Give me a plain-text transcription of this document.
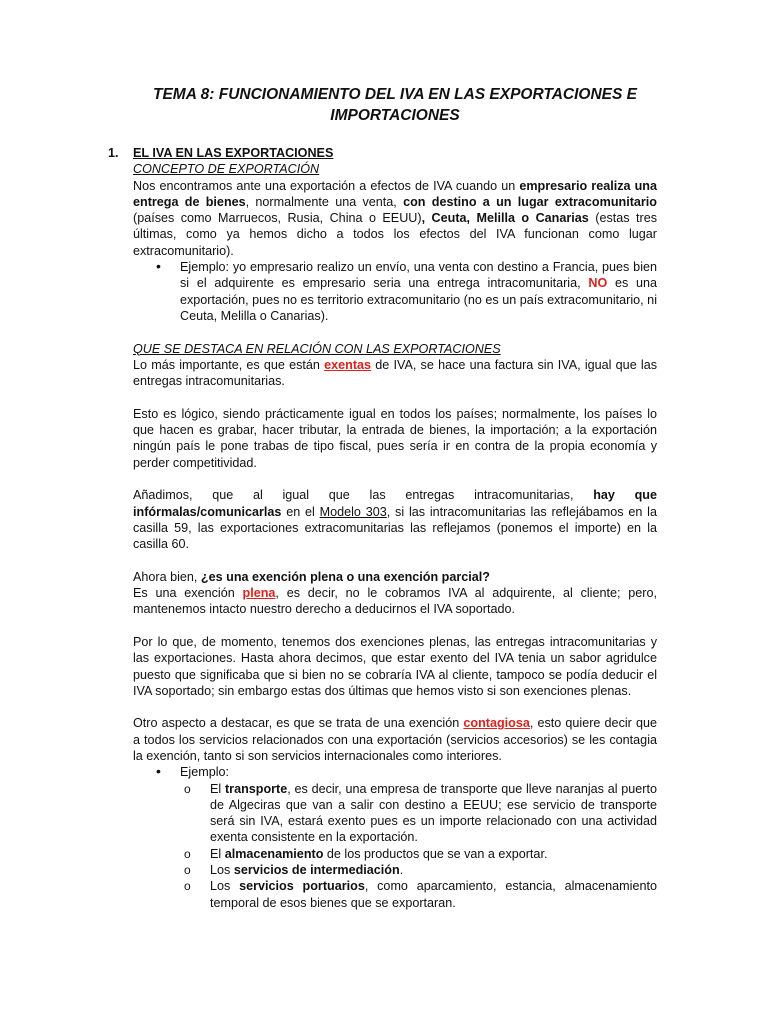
TEMA 8: FUNCIONAMIENTO DEL IVA EN LAS EXPORTACIONES E IMPORTACIONES
1. EL IVA EN LAS EXPORTACIONES
CONCEPTO DE EXPORTACIÓN

Nos encontramos ante una exportación a efectos de IVA cuando un empresario realiza una entrega de bienes, normalmente una venta, con destino a un lugar extracomunitario (países como Marruecos, Rusia, China o EEUU), Ceuta, Melilla o Canarias (estas tres últimas, como ya hemos dicho a todos los efectos del IVA funcionan como lugar extracomunitario).

• Ejemplo: yo empresario realizo un envío, una venta con destino a Francia, pues bien si el adquirente es empresario seria una entrega intracomunitaria, NO es una exportación, pues no es territorio extracomunitario (no es un país extracomunitario, ni Ceuta, Melilla o Canarias).
QUE SE DESTACA EN RELACIÓN CON LAS EXPORTACIONES

Lo más importante, es que están exentas de IVA, se hace una factura sin IVA, igual que las entregas intracomunitarias.

Esto es lógico, siendo prácticamente igual en todos los países; normalmente, los países lo que hacen es grabar, hacer tributar, la entrada de bienes, la importación; a la exportación ningún país le pone trabas de tipo fiscal, pues sería ir en contra de la propia economía y perder competitividad.

Añadimos, que al igual que las entregas intracomunitarias, hay que infórmalas/comunicarlas en el Modelo 303, si las intracomunitarias las reflejábamos en la casilla 59, las exportaciones extracomunitarias las reflejamos (ponemos el importe) en la casilla 60.

Ahora bien, ¿es una exención plena o una exención parcial?

Es una exención plena, es decir, no le cobramos IVA al adquirente, al cliente; pero, mantenemos intacto nuestro derecho a deducirnos el IVA soportado.

Por lo que, de momento, tenemos dos exenciones plenas, las entregas intracomunitarias y las exportaciones. Hasta ahora decimos, que estar exento del IVA tenia un sabor agridulce puesto que significaba que si bien no se cobraría IVA al cliente, tampoco se podía deducir el IVA soportado; sin embargo estas dos últimas que hemos visto si son exenciones plenas.

Otro aspecto a destacar, es que se trata de una exención contagiosa, esto quiere decir que a todos los servicios relacionados con una exportación (servicios accesorios) se les contagia la exención, tanto si son servicios internacionales como interiores.

• Ejemplo:
o El transporte, es decir, una empresa de transporte que lleve naranjas al puerto de Algeciras que van a salir con destino a EEUU; ese servicio de transporte será sin IVA, estará exento pues es un importe relacionado con una actividad exenta consistente en la exportación.
o El almacenamiento de los productos que se van a exportar.
o Los servicios de intermediación.
o Los servicios portuarios, como aparcamiento, estancia, almacenamiento temporal de esos bienes que se exportaran.
